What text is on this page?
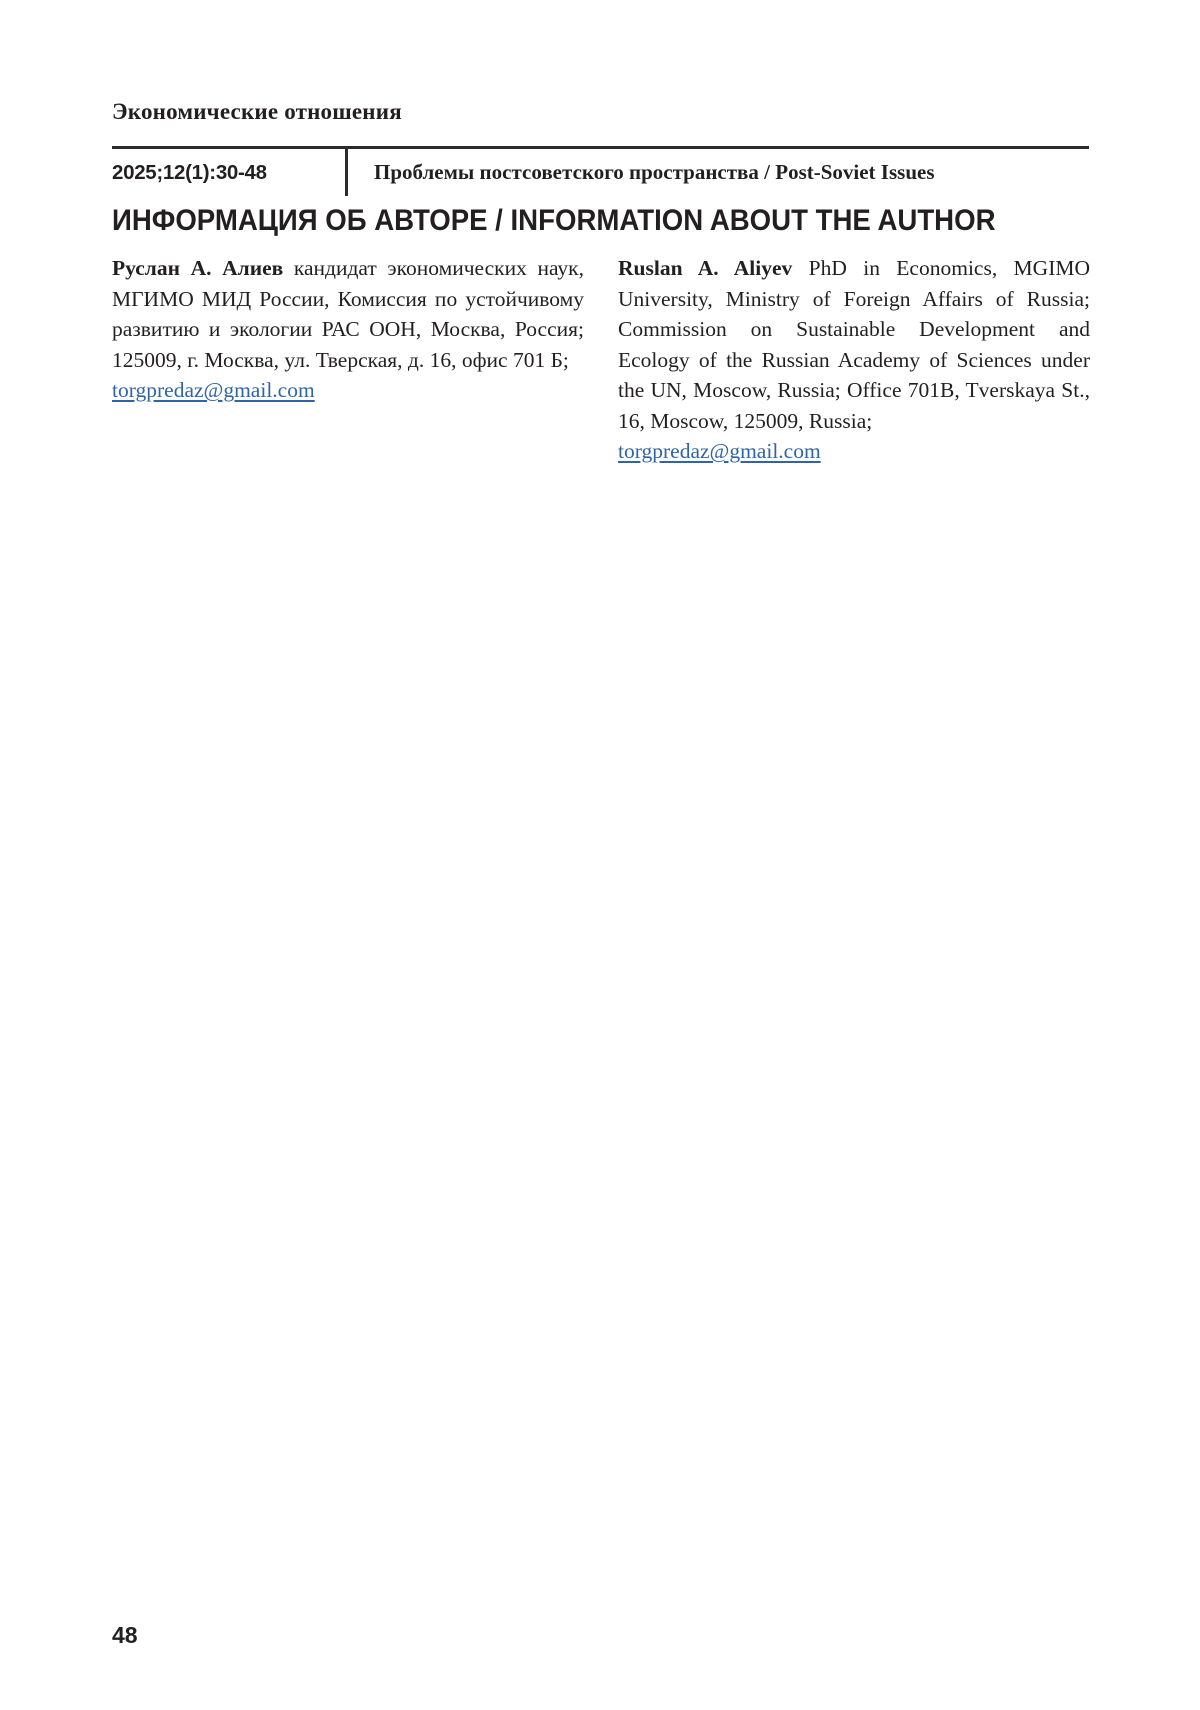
Экономические отношения
2025;12(1):30-48	Проблемы постсоветского пространства / Post-Soviet Issues
ИНФОРМАЦИЯ ОБ АВТОРЕ / INFORMATION ABOUT THE AUTHOR

Руслан А. Алиев кандидат экономических наук, МГИМО МИД России, Комиссия по устойчивому развитию и экологии РАС ООН, Москва, Россия; 125009, г. Москва, ул. Тверская, д. 16, офис 701 Б;

torgpredaz@gmail.com

Ruslan A. Aliyev PhD in Economics, MGIMO University, Ministry of Foreign Affairs of Russia; Commission on Sustainable Development and Ecology of the Russian Academy of Sciences under the UN, Moscow, Russia; Office 701B, Tverskaya St., 16, Moscow, 125009, Russia;

torgpredaz@gmail.com
48
